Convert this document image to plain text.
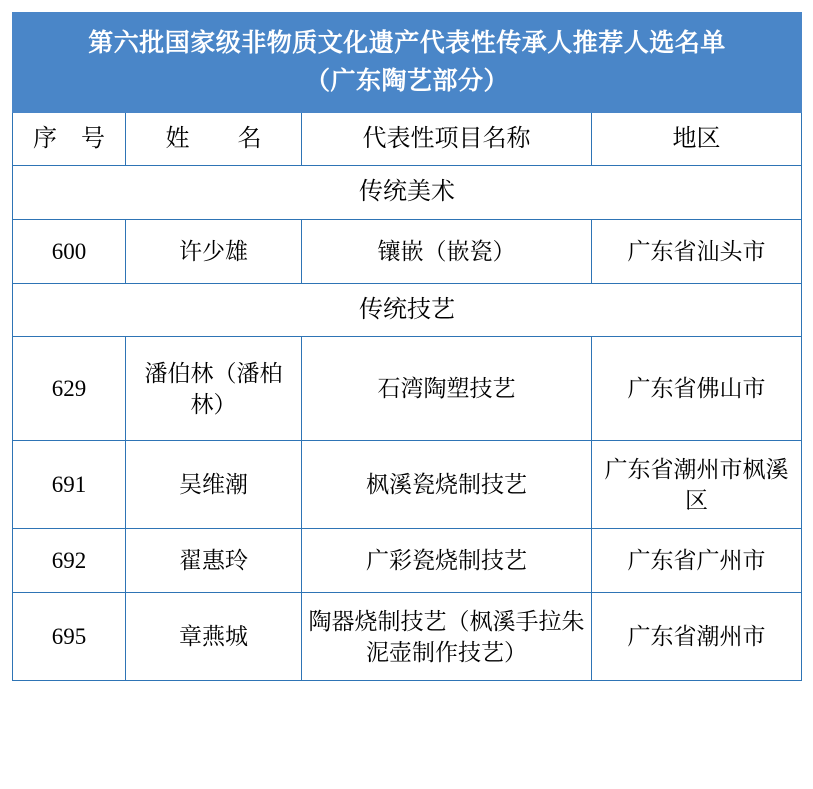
第六批国家级非物质文化遗产代表性传承人推荐人选名单
（广东陶艺部分）			

序　号	姓　　名	代表性项目名称	地区
传统美术			
600	许少雄	镶嵌（嵌瓷）	广东省汕头市
传统技艺			
629	潘伯林（潘柏林）	石湾陶塑技艺	广东省佛山市
691	吴维潮	枫溪瓷烧制技艺	广东省潮州市枫溪区
692	翟惠玲	广彩瓷烧制技艺	广东省广州市
695	章燕城	陶器烧制技艺（枫溪手拉朱泥壶制作技艺）	广东省潮州市
